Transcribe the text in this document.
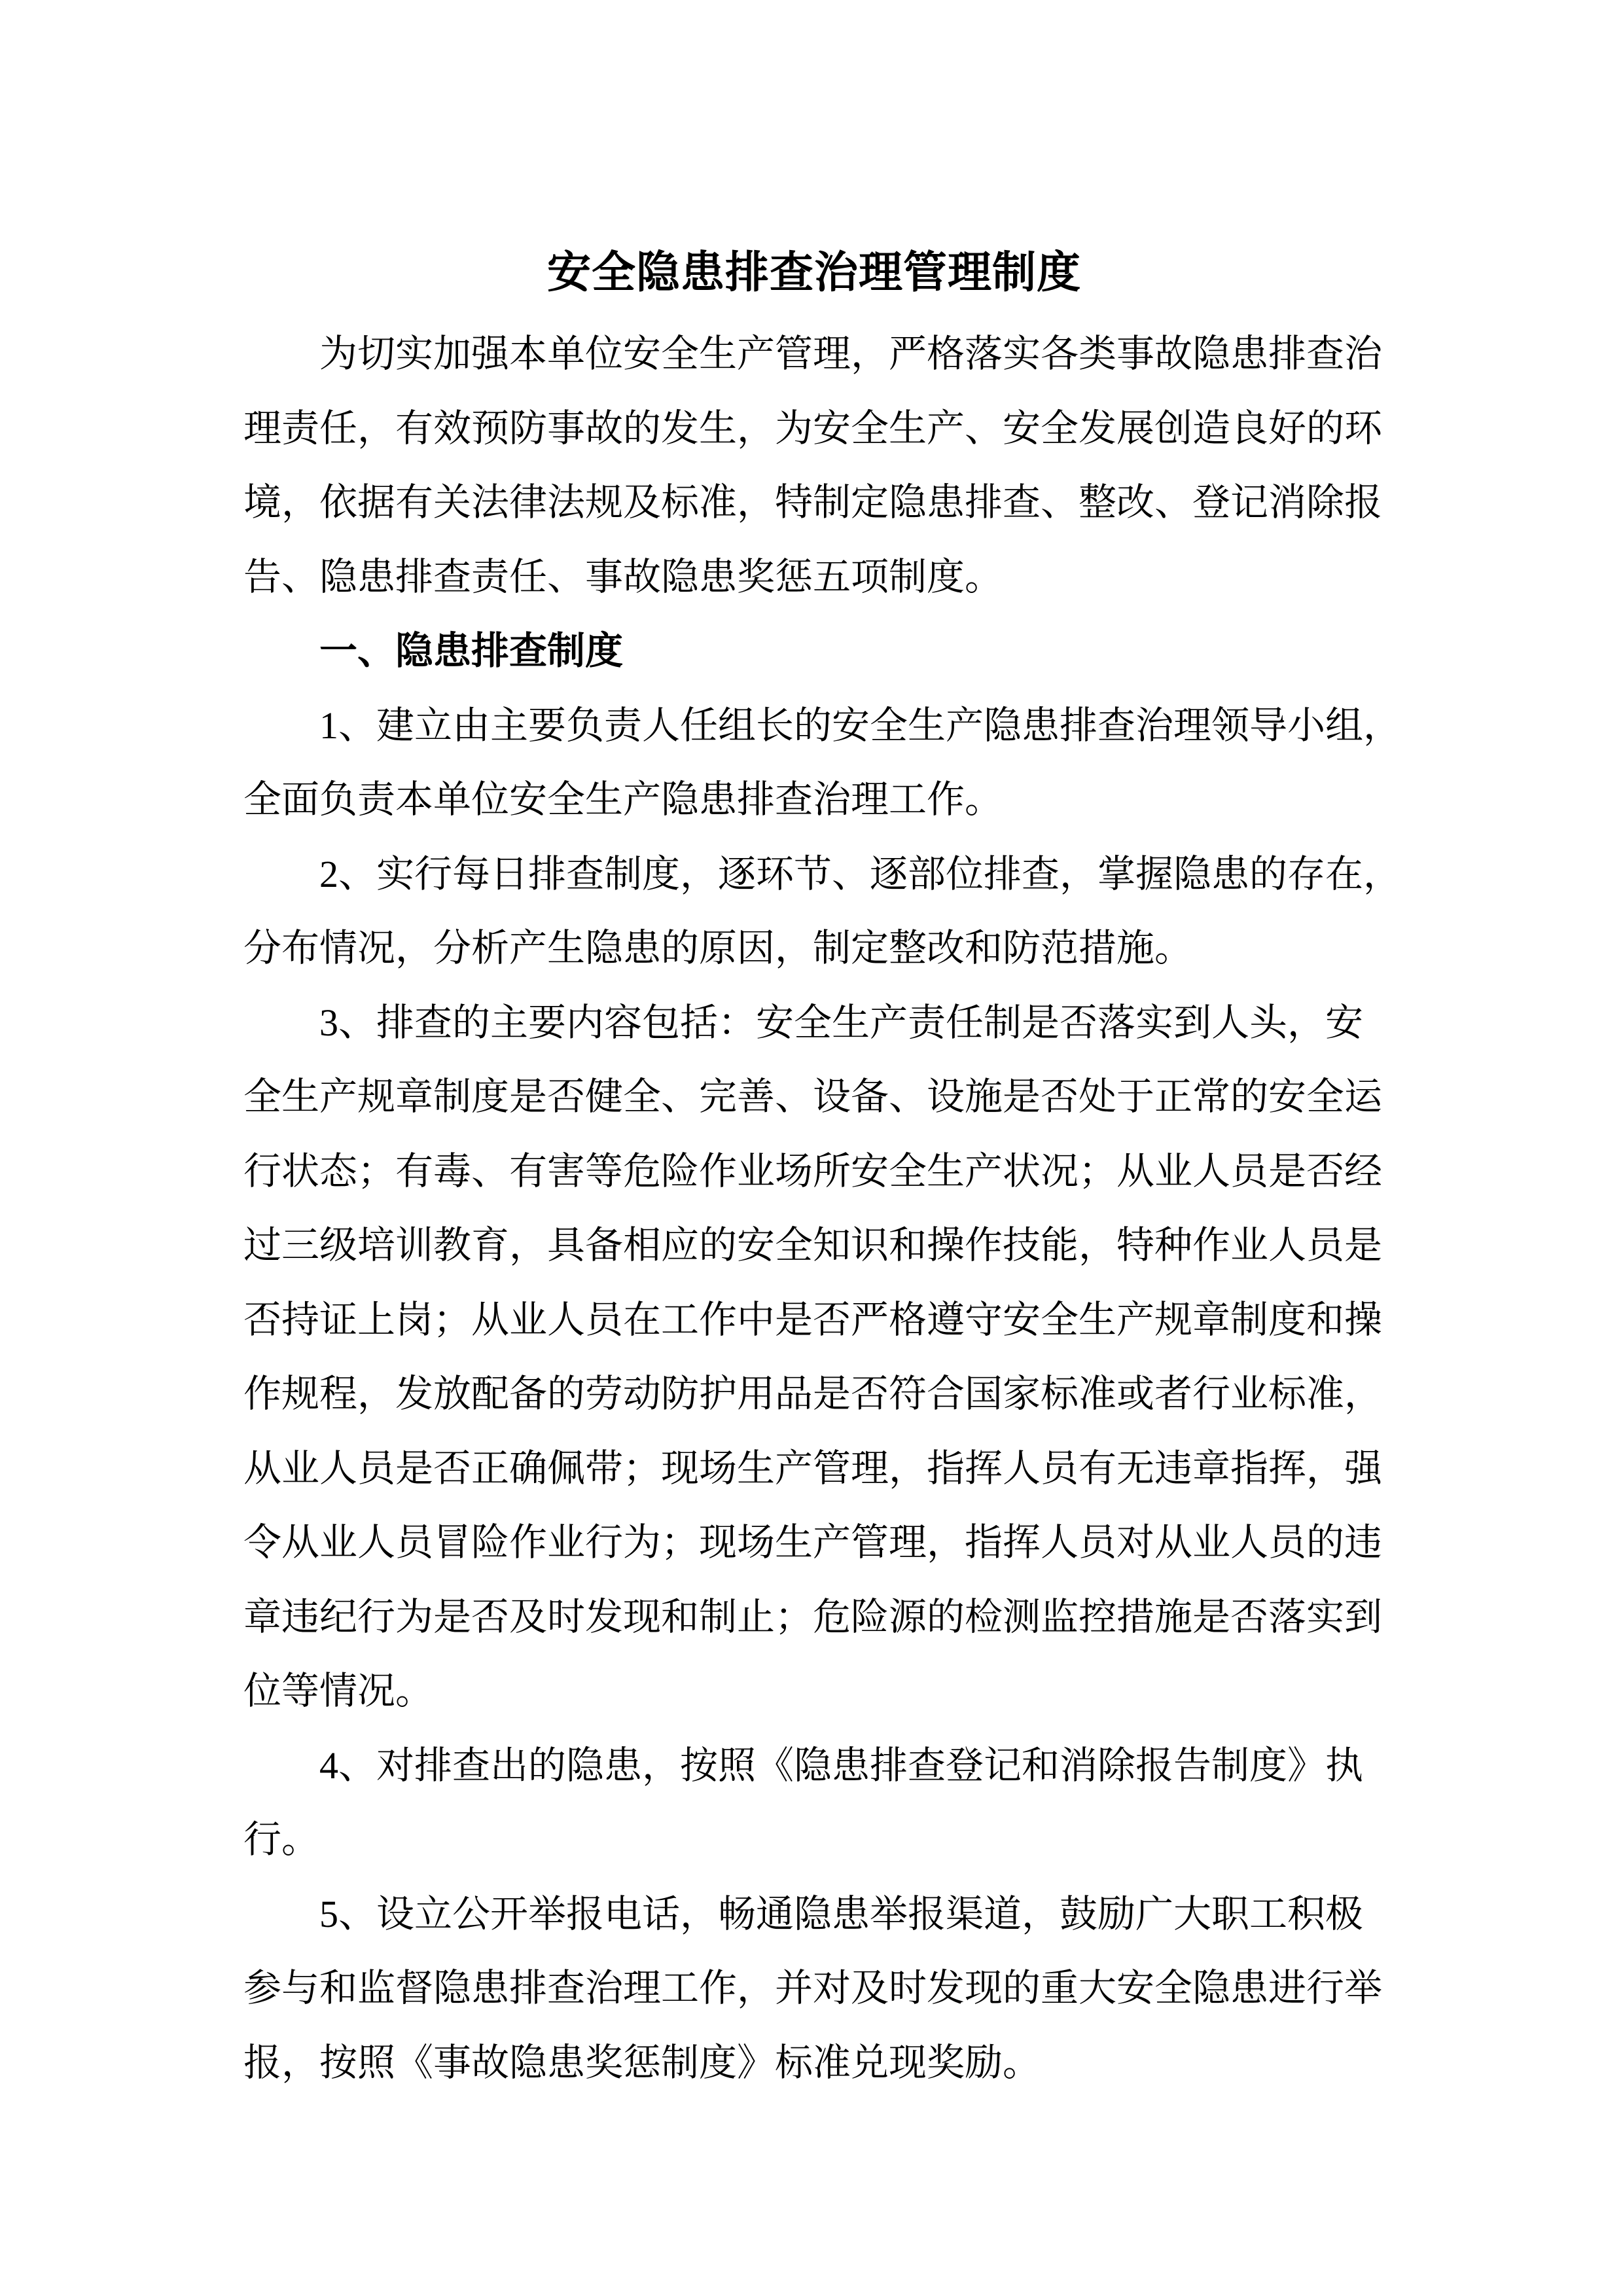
安全隐患排查治理管理制度
　　为切实加强本单位安全生产管理，严格落实各类事故隐患排查治
理责任，有效预防事故的发生，为安全生产、安全发展创造良好的环
境，依据有关法律法规及标准，特制定隐患排查、整改、登记消除报
告、隐患排查责任、事故隐患奖惩五项制度。
　　一、隐患排查制度
　　1、建立由主要负责人任组长的安全生产隐患排查治理领导小组，
全面负责本单位安全生产隐患排查治理工作。
　　2、实行每日排查制度，逐环节、逐部位排查，掌握隐患的存在，
分布情况，分析产生隐患的原因，制定整改和防范措施。
　　3、排查的主要内容包括：安全生产责任制是否落实到人头，安
全生产规章制度是否健全、完善、设备、设施是否处于正常的安全运
行状态；有毒、有害等危险作业场所安全生产状况；从业人员是否经
过三级培训教育，具备相应的安全知识和操作技能，特种作业人员是
否持证上岗；从业人员在工作中是否严格遵守安全生产规章制度和操
作规程，发放配备的劳动防护用品是否符合国家标准或者行业标准，
从业人员是否正确佩带；现场生产管理，指挥人员有无违章指挥，强
令从业人员冒险作业行为；现场生产管理，指挥人员对从业人员的违
章违纪行为是否及时发现和制止；危险源的检测监控措施是否落实到
位等情况。
　　4、对排查出的隐患，按照《隐患排查登记和消除报告制度》执
行。
　　5、设立公开举报电话，畅通隐患举报渠道，鼓励广大职工积极
参与和监督隐患排查治理工作，并对及时发现的重大安全隐患进行举
报，按照《事故隐患奖惩制度》标准兑现奖励。
